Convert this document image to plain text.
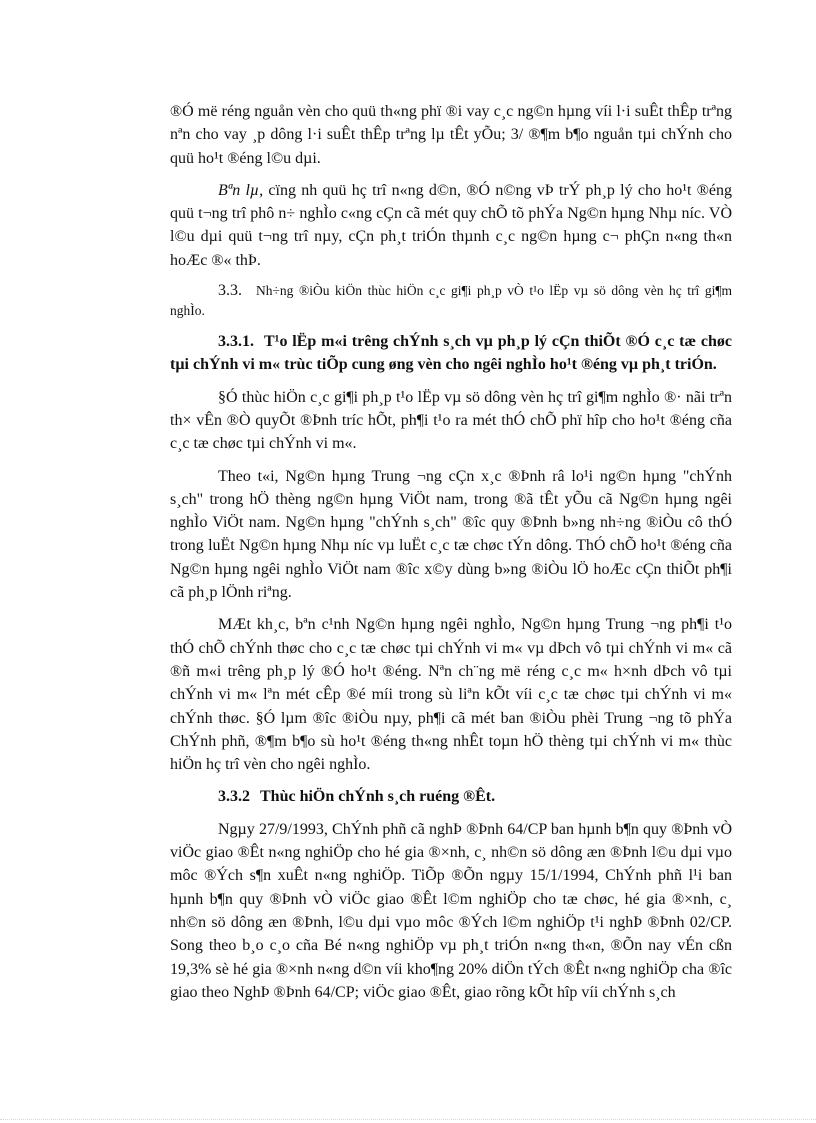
®Ó më réng nguån vèn cho quü th«ng phï ®i vay c¸c ng©n hµng víi l·i suÊt thÊp trªng nªn cho vay ¸p dông l·i suÊt thÊp trªng lµ tÊt yÕu; 3/ ®¶m b¶o nguån tµi chÝnh cho quü ho¹t ®éng l©u dµi.

Bªn lµ, cïng nh quü hç trî n«ng d©n, ®Ó n©ng vÞ trÝ ph¸p lý cho ho¹t ®éng quü t¬ng trî phô n÷ nghÌo c«ng cÇn cã mét quy chÕ tõ phÝa Ng©n hµng Nhµ níc. VÒ l©u dµi quü t¬ng trî nµy, cÇn ph¸t triÓn thµnh c¸c ng©n hµng c¬ phÇn n«ng th«n hoÆc ®« thÞ.

3.3. Nh÷ng ®iÒu kiÖn thùc hiÖn c¸c gi¶i ph¸p vÒ t¹o lËp vµ sö dông vèn hç trî gi¶m nghÌo.

3.3.1. T¹o lËp m«i trêng chÝnh s¸ch vµ ph¸p lý cÇn thiÕt ®Ó c¸c tæ chøc tµi chÝnh vi m« trùc tiÕp cung øng vèn cho ngêi nghÌo ho¹t ®éng vµ ph¸t triÓn.

§Ó thùc hiÖn c¸c gi¶i ph¸p t¹o lËp vµ sö dông vèn hç trî gi¶m nghÌo ®· nãi trªn th× vÊn ®Ò quyÕt ®Þnh tríc hÕt, ph¶i t¹o ra mét thÓ chÕ phï hîp cho ho¹t ®éng cña c¸c tæ chøc tµi chÝnh vi m«.

Theo t«i, Ng©n hµng Trung ¬ng cÇn x¸c ®Þnh râ lo¹i ng©n hµng "chÝnh s¸ch" trong hÖ thèng ng©n hµng ViÖt nam, trong ®ã tÊt yÕu cã Ng©n hµng ngêi nghÌo ViÖt nam. Ng©n hµng "chÝnh s¸ch" ®îc quy ®Þnh b»ng nh÷ng ®iÒu cô thÓ trong luËt Ng©n hµng Nhµ níc vµ luËt c¸c tæ chøc tÝn dông. ThÓ chÕ ho¹t ®éng cña Ng©n hµng ngêi nghÌo ViÖt nam ®îc x©y dùng b»ng ®iÒu lÖ hoÆc cÇn thiÕt ph¶i cã ph¸p lÖnh riªng.

MÆt kh¸c, bªn c¹nh Ng©n hµng ngêi nghÌo, Ng©n hµng Trung ¬ng ph¶i t¹o thÓ chÕ chÝnh thøc cho c¸c tæ chøc tµi chÝnh vi m« vµ dÞch vô tµi chÝnh vi m« cã ®ñ m«i trêng ph¸p lý ®Ó ho¹t ®éng. Nªn ch¨ng më réng c¸c m« h×nh dÞch vô tµi chÝnh vi m« lªn mét cÊp ®é míi trong sù liªn kÕt víi c¸c tæ chøc tµi chÝnh vi m« chÝnh thøc. §Ó lµm ®îc ®iÒu nµy, ph¶i cã mét ban ®iÒu phèi Trung ¬ng tõ phÝa ChÝnh phñ, ®¶m b¶o sù ho¹t ®éng th«ng nhÊt toµn hÖ thèng tµi chÝnh vi m« thùc hiÖn hç trî vèn cho ngêi nghÌo.

3.3.2 Thùc hiÖn chÝnh s¸ch ruéng ®Êt.

Ngµy 27/9/1993, ChÝnh phñ cã nghÞ ®Þnh 64/CP ban hµnh b¶n quy ®Þnh vÒ viÖc giao ®Êt n«ng nghiÖp cho hé gia ®×nh, c¸ nh©n sö dông æn ®Þnh l©u dµi vµo môc ®Ých s¶n xuÊt n«ng nghiÖp. TiÕp ®Õn ngµy 15/1/1994, ChÝnh phñ l¹i ban hµnh b¶n quy ®Þnh vÒ viÖc giao ®Êt l©m nghiÖp cho tæ chøc, hé gia ®×nh, c¸ nh©n sö dông æn ®Þnh, l©u dµi vµo môc ®Ých l©m nghiÖp t¹i nghÞ ®Þnh 02/CP. Song theo b¸o c¸o cña Bé n«ng nghiÖp vµ ph¸t triÓn n«ng th«n, ®Õn nay vÉn cßn 19,3% sè hé gia ®×nh n«ng d©n víi kho¶ng 20% diÖn tÝch ®Êt n«ng nghiÖp cha ®îc giao theo NghÞ ®Þnh 64/CP; viÖc giao ®Êt, giao rõng kÕt hîp víi chÝnh s¸ch
